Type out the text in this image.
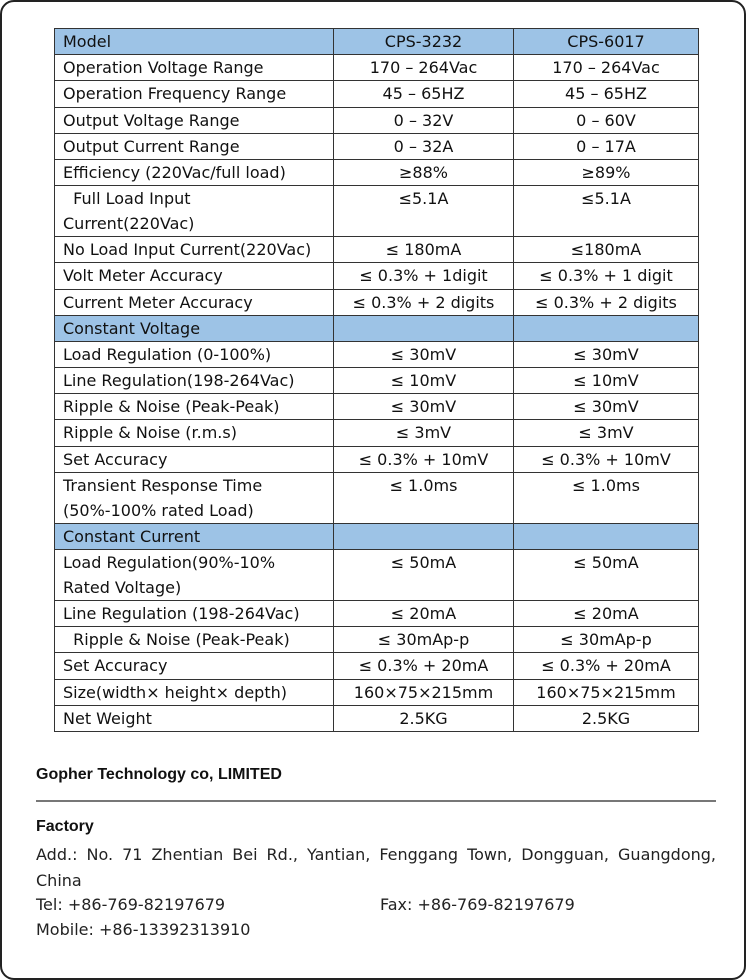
Model	CPS-3232	CPS-6017
Operation Voltage Range	170 – 264Vac	170 – 264Vac
Operation Frequency Range	45 – 65HZ	45 – 65HZ
Output Voltage Range	0 – 32V	0 – 60V
Output Current Range	0 – 32A	0 – 17A
Efficiency (220Vac/full load)	≥88%	≥89%
Full Load Input Current(220Vac)	≤5.1A	≤5.1A
No Load Input Current(220Vac)	≤ 180mA	≤180mA
Volt Meter Accuracy	≤ 0.3% + 1digit	≤ 0.3% + 1 digit
Current Meter Accuracy	≤ 0.3% + 2 digits	≤ 0.3% + 2 digits
Constant Voltage		
Load Regulation (0-100%)	≤ 30mV	≤ 30mV
Line Regulation(198-264Vac)	≤ 10mV	≤ 10mV
Ripple & Noise (Peak-Peak)	≤ 30mV	≤ 30mV
Ripple & Noise (r.m.s)	≤ 3mV	≤ 3mV
Set Accuracy	≤ 0.3% + 10mV	≤ 0.3% + 10mV
Transient Response Time (50%-100% rated Load)	≤ 1.0ms	≤ 1.0ms
Constant Current		
Load Regulation(90%-10% Rated Voltage)	≤ 50mA	≤ 50mA
Line Regulation (198-264Vac)	≤ 20mA	≤ 20mA
Ripple & Noise (Peak-Peak)	≤ 30mAp-p	≤ 30mAp-p
Set Accuracy	≤ 0.3% + 20mA	≤ 0.3% + 20mA
Size(width× height× depth)	160×75×215mm	160×75×215mm
Net Weight	2.5KG	2.5KG
Gopher Technology co, LIMITED
Factory
Add.: No. 71 Zhentian Bei Rd., Yantian, Fenggang Town, Dongguan, Guangdong, China
Tel: +86-769-82197679	Fax: +86-769-82197679
Mobile: +86-13392313910
